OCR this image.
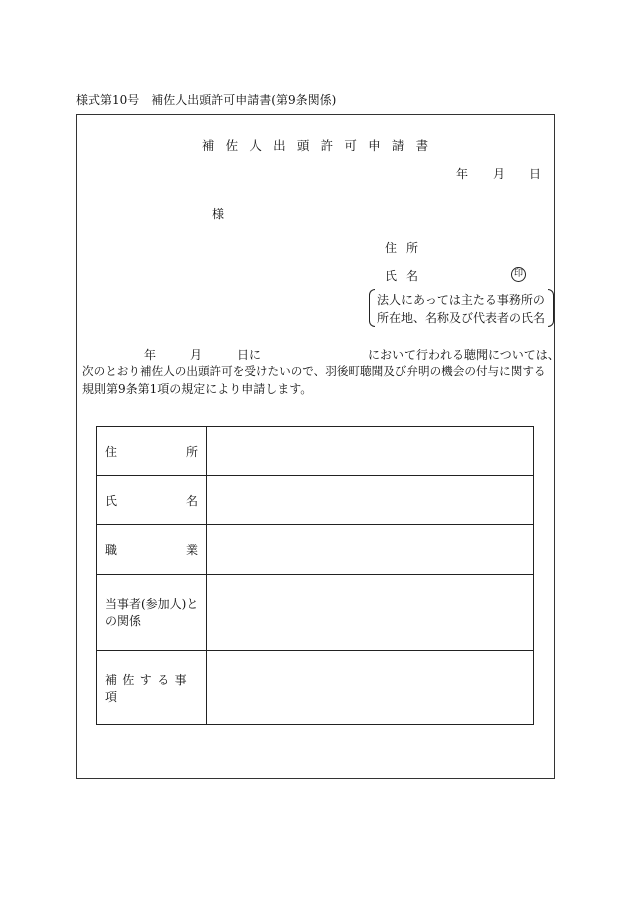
様式第10号　補佐人出頭許可申請書(第9条関係)
補佐人出頭許可申請書
年 月 日
様
住所
氏名	印
法人にあっては主たる事務所の
所在地、名称及び代表者の氏名
年	月	日に	において行われる聴聞については、
次のとおり補佐人の出頭許可を受けたいので、羽後町聴聞及び弁明の機会の付与に関する
規則第9条第1項の規定により申請します。
住 所	

氏 名	

職 業	

当事者(参加人)と
の関係	

補佐する事項	
